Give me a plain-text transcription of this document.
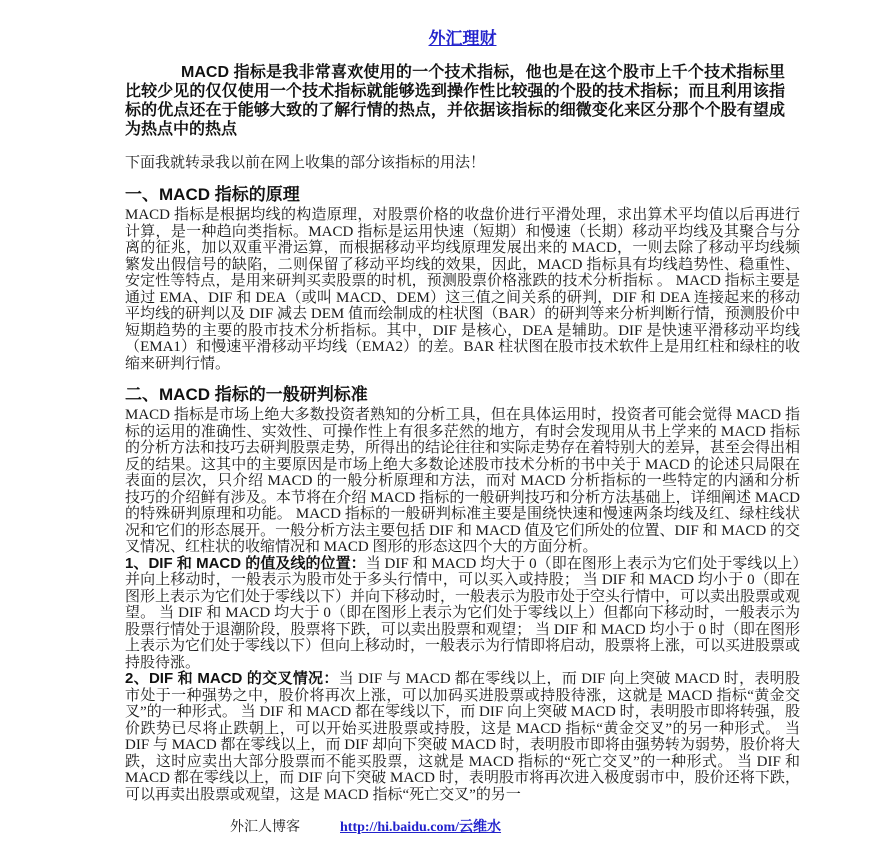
外汇理财

MACD 指标是我非常喜欢使用的一个技术指标，他也是在这个股市上千个技术指标里比较少见的仅仅使用一个技术指标就能够选到操作性比较强的个股的技术指标；而且利用该指标的优点还在于能够大致的了解行情的热点，并依据该指标的细微变化来区分那个个股有望成为热点中的热点

下面我就转录我以前在网上收集的部分该指标的用法！

一、MACD 指标的原理

MACD 指标是根据均线的构造原理，对股票价格的收盘价进行平滑处理，求出算术平均值以后再进行计算，是一种趋向类指标。MACD 指标是运用快速（短期）和慢速（长期）移动平均线及其聚合与分离的征兆，加以双重平滑运算，而根据移动平均线原理发展出来的 MACD，一则去除了移动平均线频繁发出假信号的缺陷，二则保留了移动平均线的效果，因此，MACD 指标具有均线趋势性、稳重性、安定性等特点，是用来研判买卖股票的时机，预测股票价格涨跌的技术分析指标 。 MACD 指标主要是通过 EMA、DIF 和 DEA（或叫 MACD、DEM）这三值之间关系的研判，DIF 和 DEA 连接起来的移动平均线的研判以及 DIF 减去 DEM 值而绘制成的柱状图（BAR）的研判等来分析判断行情，预测股价中短期趋势的主要的股市技术分析指标。其中，DIF 是核心，DEA 是辅助。DIF 是快速平滑移动平均线（EMA1）和慢速平滑移动平均线（EMA2）的差。BAR 柱状图在股市技术软件上是用红柱和绿柱的收缩来研判行情。

二、MACD 指标的一般研判标准

MACD 指标是市场上绝大多数投资者熟知的分析工具，但在具体运用时，投资者可能会觉得 MACD 指标的运用的准确性、实效性、可操作性上有很多茫然的地方，有时会发现用从书上学来的 MACD 指标的分析方法和技巧去研判股票走势，所得出的结论往往和实际走势存在着特别大的差异，甚至会得出相反的结果。这其中的主要原因是市场上绝大多数论述股市技术分析的书中关于 MACD 的论述只局限在表面的层次，只介绍 MACD 的一般分析原理和方法，而对 MACD 分析指标的一些特定的内涵和分析技巧的介绍鲜有涉及。本节将在介绍 MACD 指标的一般研判技巧和分析方法基础上，详细阐述 MACD 的特殊研判原理和功能。 MACD 指标的一般研判标准主要是围绕快速和慢速两条均线及红、绿柱线状况和它们的形态展开。一般分析方法主要包括 DIF 和 MACD 值及它们所处的位置、DIF 和 MACD 的交叉情况、红柱状的收缩情况和 MACD 图形的形态这四个大的方面分析。

1、DIF 和 MACD 的值及线的位置：当 DIF 和 MACD 均大于 0（即在图形上表示为它们处于零线以上）并向上移动时，一般表示为股市处于多头行情中，可以买入或持股； 当 DIF 和 MACD 均小于 0（即在图形上表示为它们处于零线以下）并向下移动时，一般表示为股市处于空头行情中，可以卖出股票或观望。 当 DIF 和 MACD 均大于 0（即在图形上表示为它们处于零线以上）但都向下移动时，一般表示为股票行情处于退潮阶段，股票将下跌，可以卖出股票和观望； 当 DIF 和 MACD 均小于 0 时（即在图形上表示为它们处于零线以下）但向上移动时，一般表示为行情即将启动，股票将上涨，可以买进股票或持股待涨。

2、DIF 和 MACD 的交叉情况：当 DIF 与 MACD 都在零线以上，而 DIF 向上突破 MACD 时，表明股市处于一种强势之中，股价将再次上涨，可以加码买进股票或持股待涨，这就是 MACD 指标“黄金交叉”的一种形式。 当 DIF 和 MACD 都在零线以下，而 DIF 向上突破 MACD 时，表明股市即将转强，股价跌势已尽将止跌朝上，可以开始买进股票或持股，这是 MACD 指标“黄金交叉”的另一种形式。 当 DIF 与 MACD 都在零线以上，而 DIF 却向下突破 MACD 时，表明股市即将由强势转为弱势，股价将大跌，这时应卖出大部分股票而不能买股票，这就是 MACD 指标的“死亡交叉”的一种形式。 当 DIF 和 MACD 都在零线以上，而 DIF 向下突破 MACD 时，表明股市将再次进入极度弱市中，股价还将下跌，可以再卖出股票或观望，这是 MACD 指标“死亡交叉”的另一

外汇人博客	http://hi.baidu.com/云维水
